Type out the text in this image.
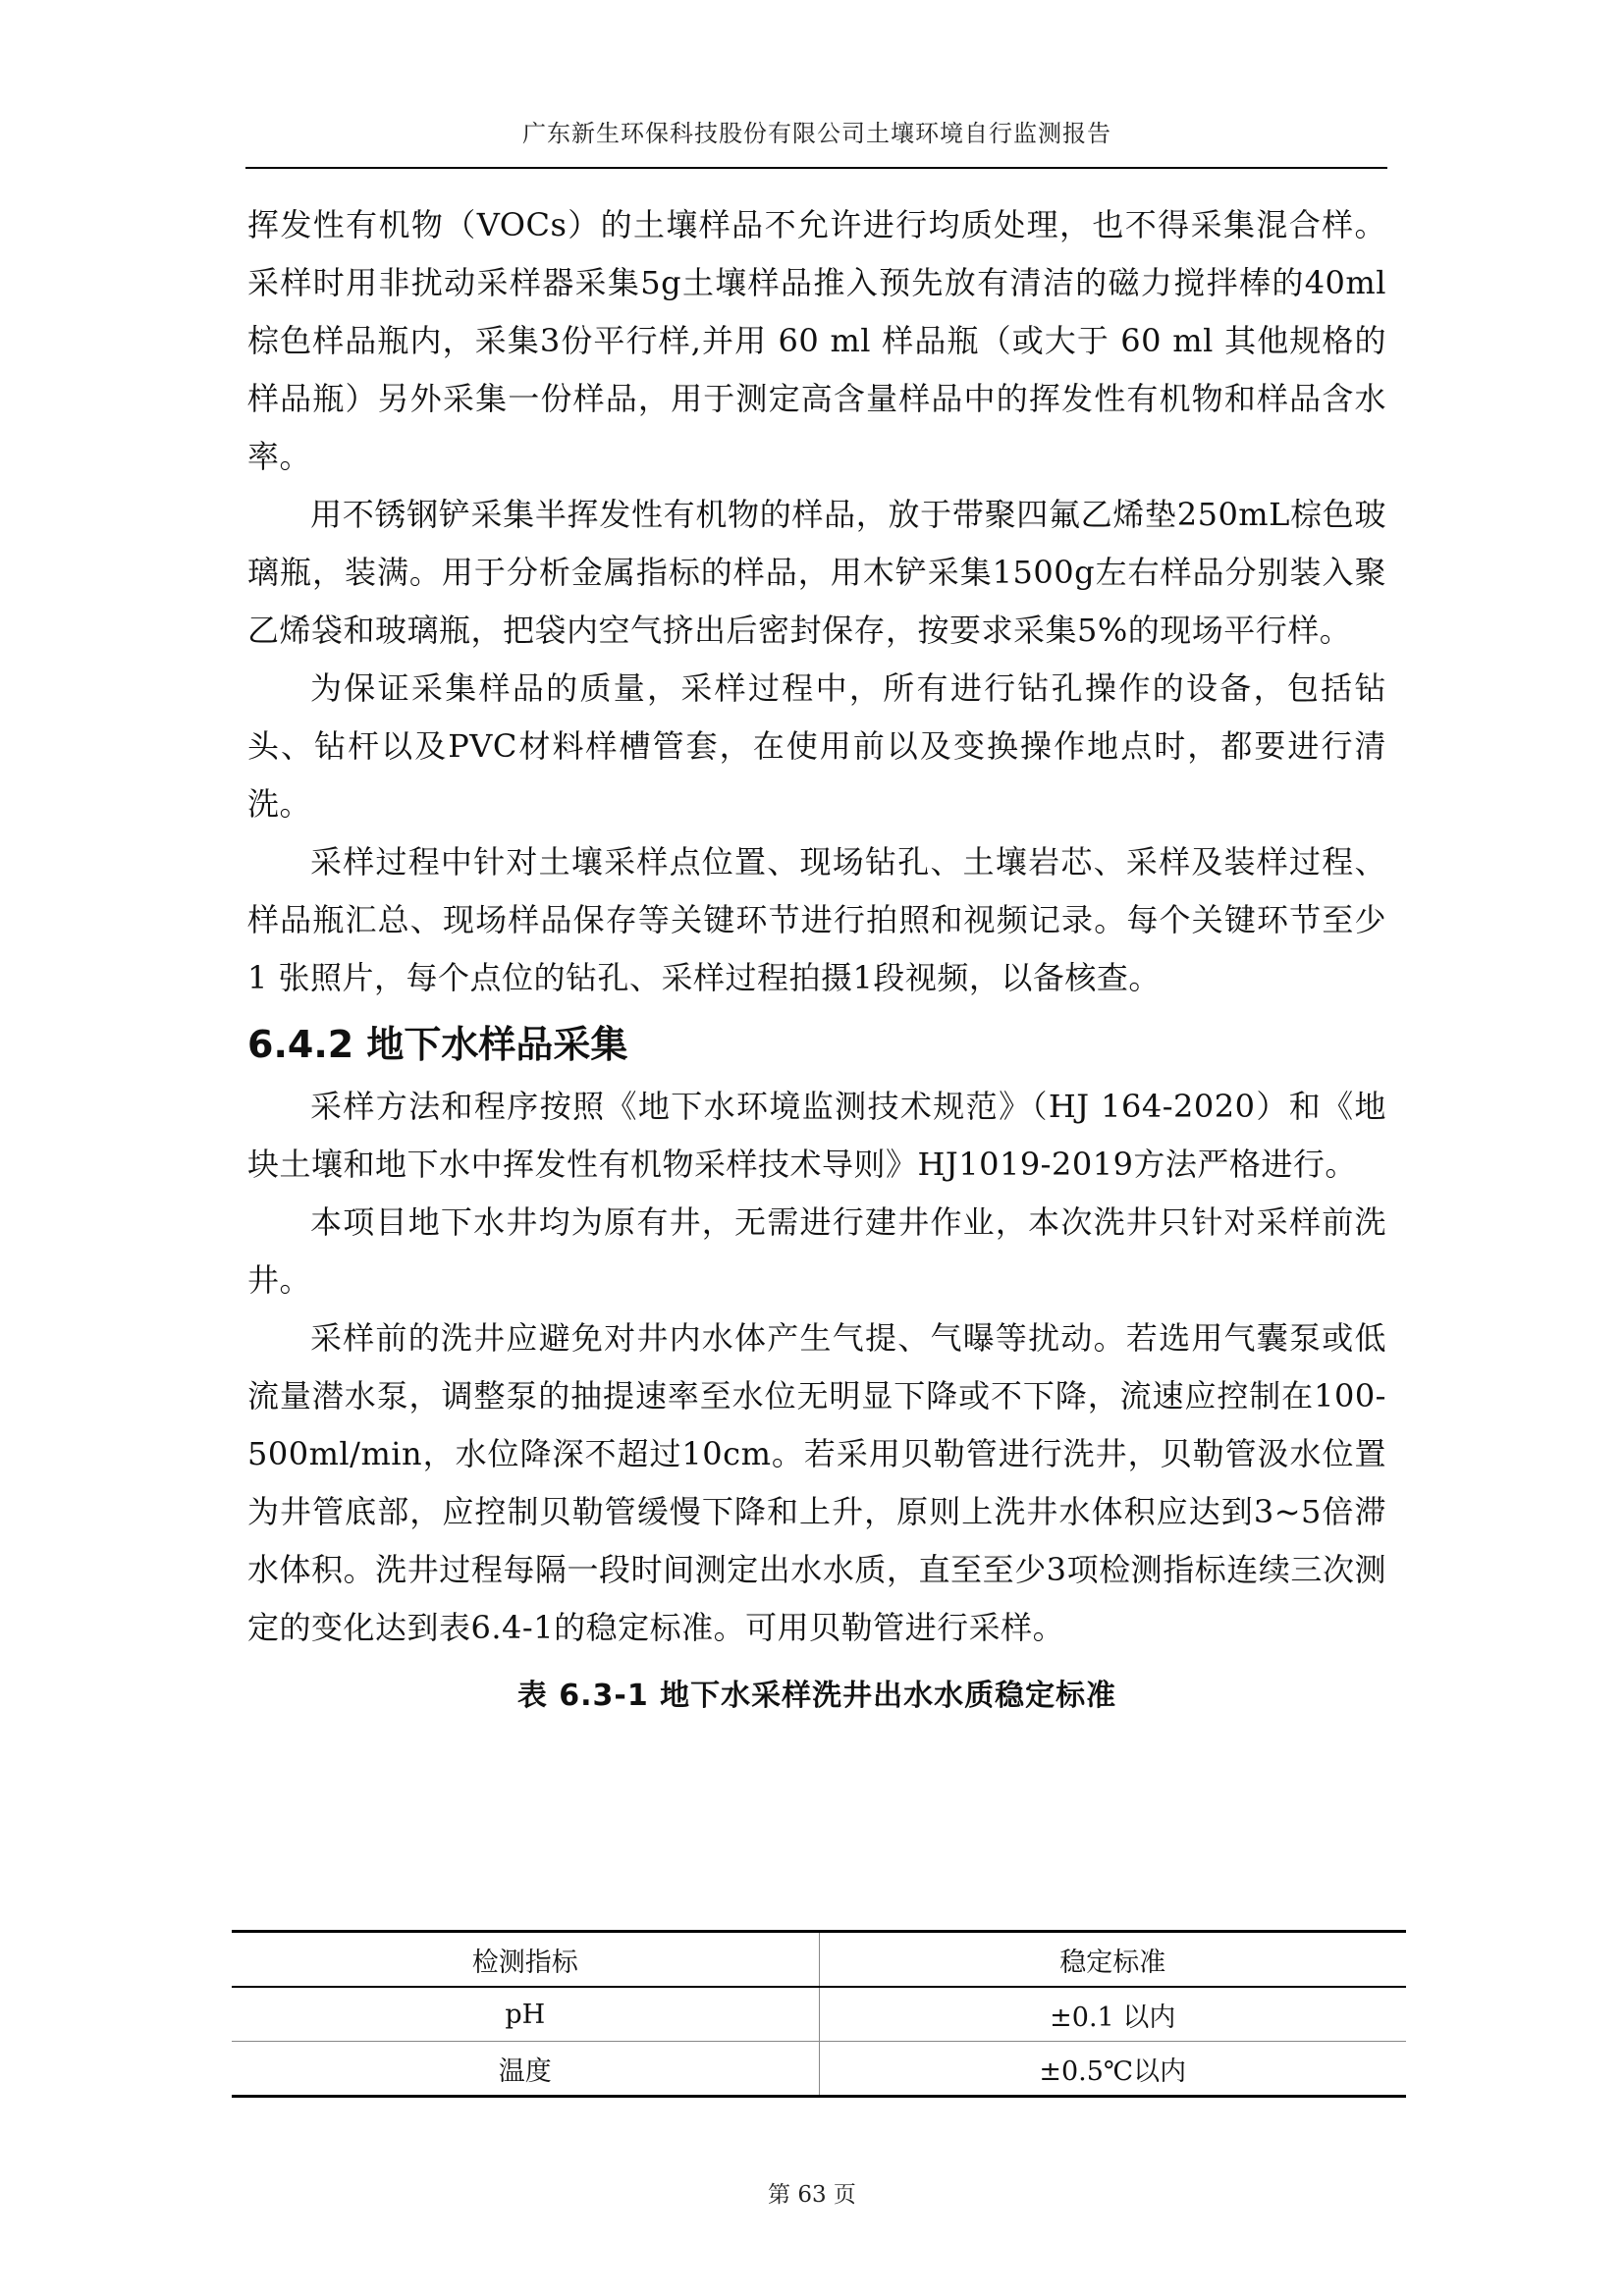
广东新生环保科技股份有限公司土壤环境自行监测报告

挥发性有机物（VOCs）的土壤样品不允许进行均质处理，也不得采集混合样。采样时用非扰动采样器采集5g土壤样品推入预先放有清洁的磁力搅拌棒的40ml棕色样品瓶内，采集3份平行样,并用 60 ml 样品瓶（或大于 60 ml 其他规格的样品瓶）另外采集一份样品，用于测定高含量样品中的挥发性有机物和样品含水率。

用不锈钢铲采集半挥发性有机物的样品，放于带聚四氟乙烯垫250mL棕色玻璃瓶，装满。用于分析金属指标的样品，用木铲采集1500g左右样品分别装入聚乙烯袋和玻璃瓶，把袋内空气挤出后密封保存，按要求采集5%的现场平行样。

为保证采集样品的质量，采样过程中，所有进行钻孔操作的设备，包括钻头、钻杆以及PVC材料样槽管套，在使用前以及变换操作地点时，都要进行清洗。

采样过程中针对土壤采样点位置、现场钻孔、土壤岩芯、采样及装样过程、样品瓶汇总、现场样品保存等关键环节进行拍照和视频记录。每个关键环节至少 1 张照片，每个点位的钻孔、采样过程拍摄1段视频，以备核查。

6.4.2 地下水样品采集

采样方法和程序按照《地下水环境监测技术规范》（HJ 164-2020）和《地块土壤和地下水中挥发性有机物采样技术导则》HJ1019-2019方法严格进行。

本项目地下水井均为原有井，无需进行建井作业，本次洗井只针对采样前洗井。

采样前的洗井应避免对井内水体产生气提、气曝等扰动。若选用气囊泵或低流量潜水泵，调整泵的抽提速率至水位无明显下降或不下降，流速应控制在100-500ml/min，水位降深不超过10cm。若采用贝勒管进行洗井，贝勒管汲水位置为井管底部，应控制贝勒管缓慢下降和上升，原则上洗井水体积应达到3~5倍滞水体积。洗井过程每隔一段时间测定出水水质，直至至少3项检测指标连续三次测定的变化达到表6.4-1的稳定标准。可用贝勒管进行采样。

表 6.3-1 地下水采样洗井出水水质稳定标准
检测指标	稳定标准
pH	±0.1 以内
温度	±0.5℃以内
第 63 页
